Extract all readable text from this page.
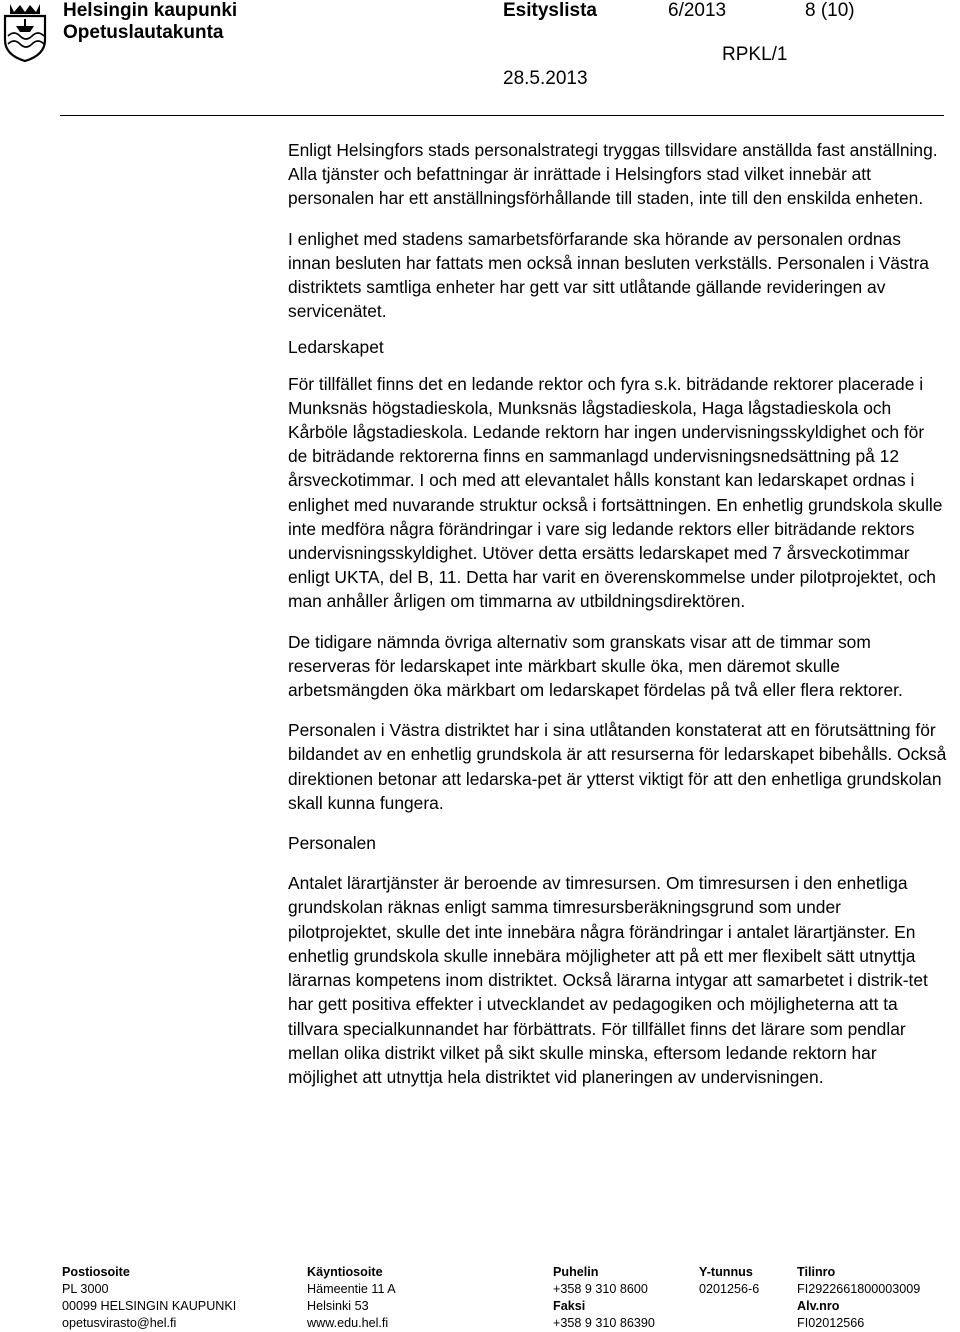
Helsingin kaupunki
Opetuslautakunta
Esityslista	6/2013	8 (10)
RPKL/1
28.5.2013

Enligt Helsingfors stads personalstrategi tryggas tillsvidare anställda fast anställning. Alla tjänster och befattningar är inrättade i Helsingfors stad vilket innebär att personalen har ett anställningsförhållande till staden, inte till den enskilda enheten.

I enlighet med stadens samarbetsförfarande ska hörande av personalen ordnas innan besluten har fattats men också innan besluten verkställs. Personalen i Västra distriktets samtliga enheter har gett var sitt utlåtande gällande revideringen av servicenätet.

Ledarskapet

För tillfället finns det en ledande rektor och fyra s.k. biträdande rektorer placerade i Munksnäs högstadieskola, Munksnäs lågstadieskola, Haga lågstadieskola och Kårböle lågstadieskola. Ledande rektorn har ingen undervisningsskyldighet och för de biträdande rektorerna finns en sammanlagd undervisningsnedsättning på 12 årsveckotimmar. I och med att elevantalet hålls konstant kan ledarskapet ordnas i enlighet med nuvarande struktur också i fortsättningen. En enhetlig grundskola skulle inte medföra några förändringar i vare sig ledande rektors eller biträdande rektors undervisningsskyldighet. Utöver detta ersätts ledarskapet med 7 årsveckotimmar enligt UKTA, del B, 11. Detta har varit en överenskommelse under pilotprojektet, och man anhåller årligen om timmarna av utbildningsdirektören.

De tidigare nämnda övriga alternativ som granskats visar att de timmar som reserveras för ledarskapet inte märkbart skulle öka, men däremot skulle arbetsmängden öka märkbart om ledarskapet fördelas på två eller flera rektorer.

Personalen i Västra distriktet har i sina utlåtanden konstaterat att en förutsättning för bildandet av en enhetlig grundskola är att resurserna för ledarskapet bibehålls. Också direktionen betonar att ledarska-pet är ytterst viktigt för att den enhetliga grundskolan skall kunna fungera.

Personalen

Antalet lärartjänster är beroende av timresursen. Om timresursen i den enhetliga grundskolan räknas enligt samma timresursberäkningsgrund som under pilotprojektet, skulle det inte innebära några förändringar i antalet lärartjänster. En enhetlig grundskola skulle innebära möjligheter att på ett mer flexibelt sätt utnyttja lärarnas kompetens inom distriktet. Också lärarna intygar att samarbetet i distrik-tet har gett positiva effekter i utvecklandet av pedagogiken och möjligheterna att ta tillvara specialkunnandet har förbättrats. För tillfället finns det lärare som pendlar mellan olika distrikt vilket på sikt skulle minska, eftersom ledande rektorn har möjlighet att utnyttja hela distriktet vid planeringen av undervisningen.

Postiosoite
PL 3000
00099 HELSINGIN KAUPUNKI
opetusvirasto@hel.fi
Käyntiosoite
Hämeentie 11 A
Helsinki 53
www.edu.hel.fi
Puhelin
+358 9 310 8600
Faksi
+358 9 310 86390
Y-tunnus
0201256-6
Tilinro
FI2922661800003009
Alv.nro
FI02012566
